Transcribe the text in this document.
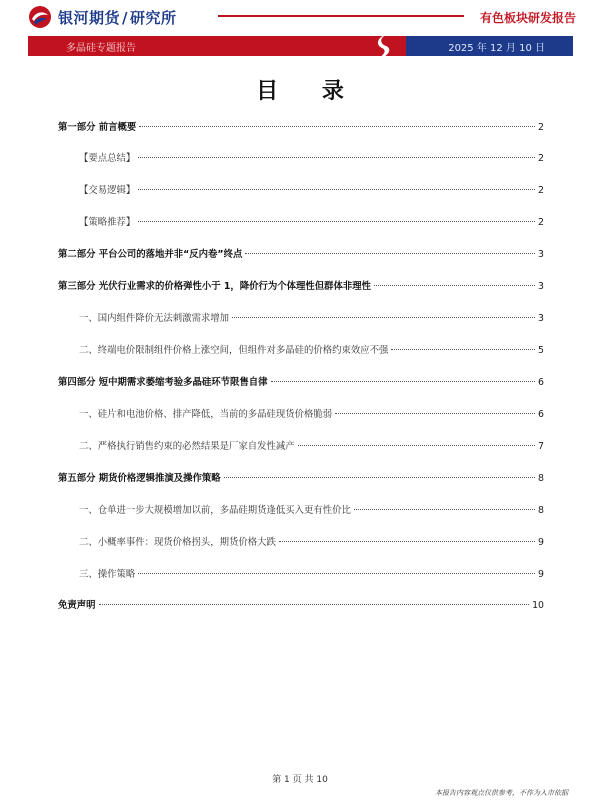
银河期货 / 研究所	有色板块研发报告
多晶硅专题报告	2025 年 12 月 10 日
目 录
第一部分 前言概要	2
【要点总结】	2
【交易逻辑】	2
【策略推荐】	2
第二部分 平台公司的落地并非“反内卷”终点	3
第三部分 光伏行业需求的价格弹性小于 1，降价行为个体理性但群体非理性	3
一、国内组件降价无法刺激需求增加	3
二、终端电价限制组件价格上涨空间，但组件对多晶硅的价格约束效应不强	5
第四部分 短中期需求萎缩考验多晶硅环节限售自律	6
一、硅片和电池价格、排产降低，当前的多晶硅现货价格脆弱	6
二、严格执行销售约束的必然结果是厂家自发性减产	7
第五部分 期货价格逻辑推演及操作策略	8
一、仓单进一步大规模增加以前，多晶硅期货逢低买入更有性价比	8
二、小概率事件：现货价格拐头，期货价格大跌	9
三、操作策略	9
免责声明	10
第 1 页 共 10
本报告内容观点仅供参考，不作为入市依据
